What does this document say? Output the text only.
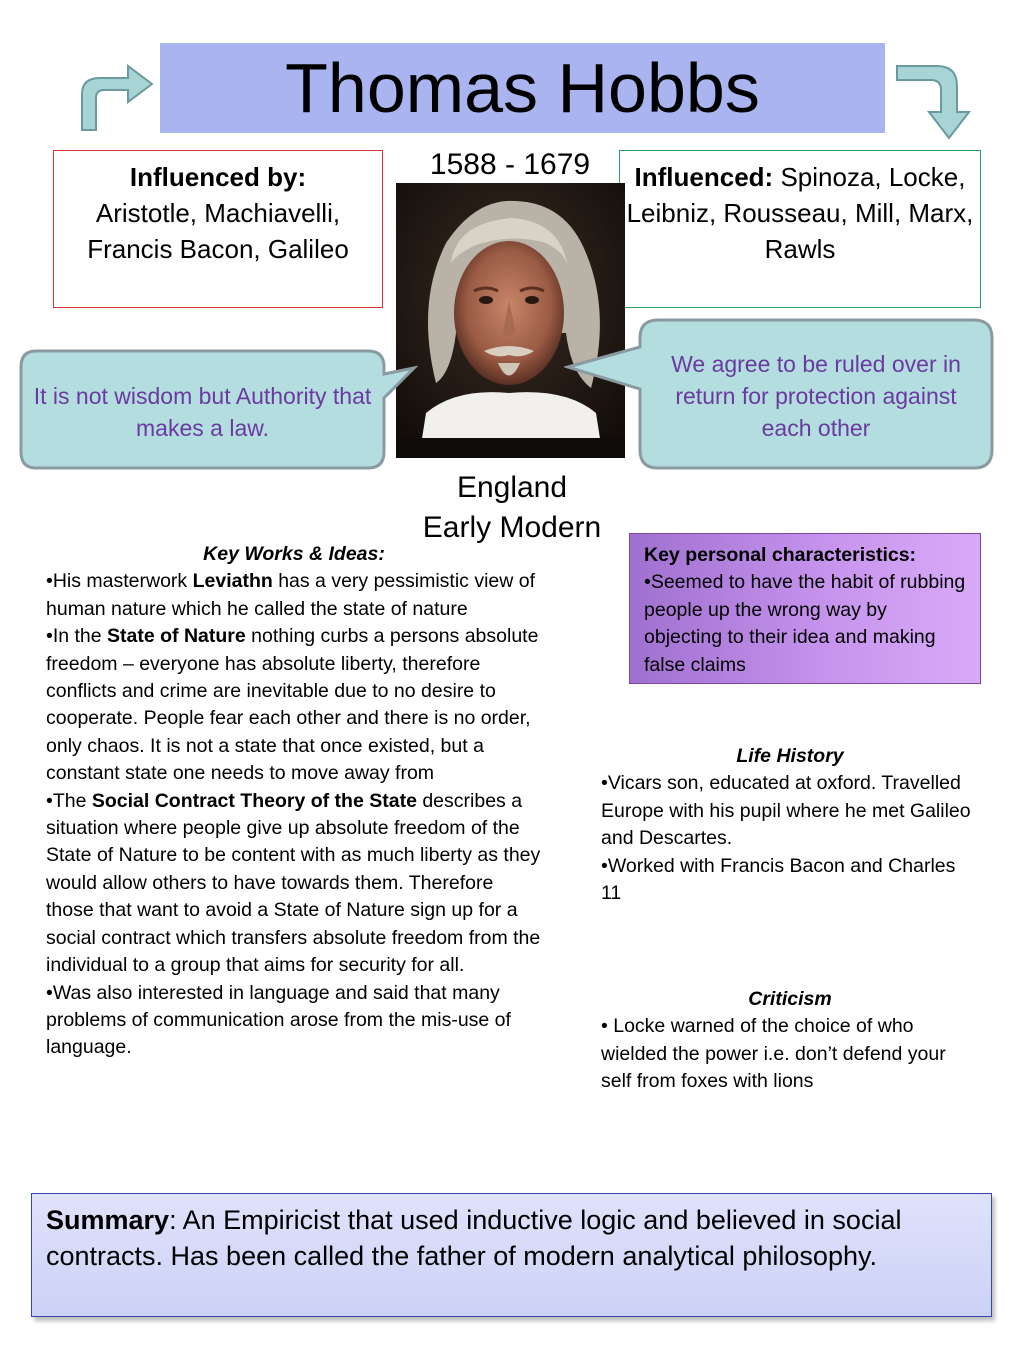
Thomas Hobbs
Influenced by:
Aristotle, Machiavelli, Francis Bacon, Galileo
Influenced: Spinoza, Locke, Leibniz, Rousseau, Mill, Marx, Rawls
1588 - 1679
It is not wisdom but Authority that makes a law.
We agree to be ruled over in return for protection against each other
England
Early Modern
Key Works & Ideas:
•His masterwork Leviathn has a very pessimistic view of human nature which he called the state of nature
•In the State of Nature nothing curbs a persons absolute freedom – everyone has absolute liberty, therefore conflicts and crime are inevitable due to no desire to cooperate. People fear each other and there is no order, only chaos. It is not a state that once existed, but a constant state one needs to move away from
•The Social Contract Theory of the State describes a situation where people give up absolute freedom of the State of Nature to be content with as much liberty as they would allow others to have towards them. Therefore those that want to avoid a State of Nature sign up for a social contract which transfers absolute freedom from the individual to a group that aims for security for all.
•Was also interested in language and said that many problems of communication arose from the mis-use of language.
Key personal characteristics:
•Seemed to have the habit of rubbing people up the wrong way by objecting to their idea and making false claims
Life History
•Vicars son, educated at oxford. Travelled Europe with his pupil where he met Galileo and Descartes.
•Worked with Francis Bacon and Charles 11
Criticism
• Locke warned of the choice of who wielded the power i.e. don’t defend your self from foxes with lions
Summary: An Empiricist that used inductive logic and believed in social contracts. Has been called the father of modern analytical philosophy.
